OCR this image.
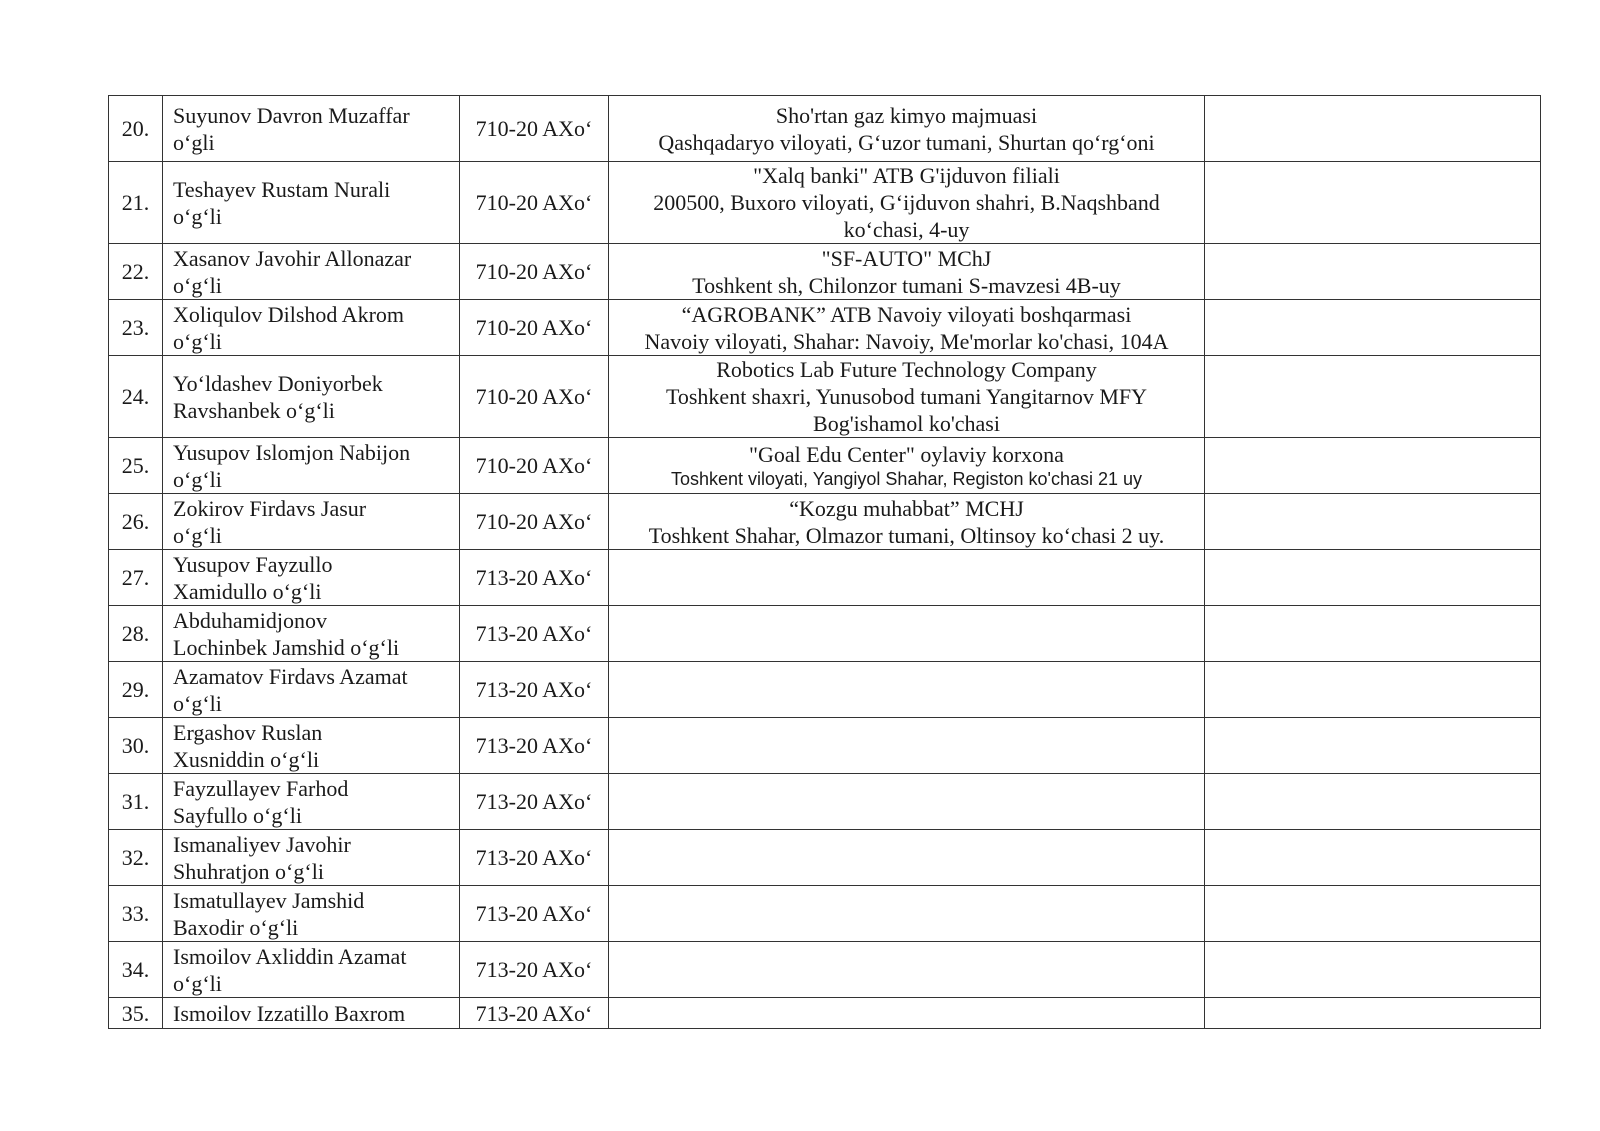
20.	Suyunov Davron Muzaffar
o‘gli	710-20 AXo‘	Sho'rtan gaz kimyo majmuasi
Qashqadaryo viloyati, G‘uzor tumani, Shurtan qo‘rg‘oni	

21.	Teshayev Rustam Nurali
o‘g‘li	710-20 AXo‘	"Xalq banki" ATB G'ijduvon filiali
200500, Buxoro viloyati, G‘ijduvon shahri, B.Naqshband
ko‘chasi, 4-uy	

22.	Xasanov Javohir Allonazar
o‘g‘li	710-20 AXo‘	"SF-AUTO" MChJ
Toshkent sh, Chilonzor tumani S-mavzesi 4B-uy	

23.	Xoliqulov Dilshod Akrom
o‘g‘li	710-20 AXo‘	“AGROBANK” ATB Navoiy viloyati boshqarmasi
Navoiy viloyati, Shahar: Navoiy, Me'morlar ko'chasi, 104A	

24.	Yo‘ldashev Doniyorbek
Ravshanbek o‘g‘li	710-20 AXo‘	Robotics Lab Future Technology Company
Toshkent shaxri, Yunusobod tumani Yangitarnov MFY
Bog'ishamol ko'chasi	

25.	Yusupov Islomjon Nabijon
o‘g‘li	710-20 AXo‘	"Goal Edu Center" oylaviy korxona
Toshkent viloyati, Yangiyol Shahar, Registon ko'chasi 21 uy	

26.	Zokirov Firdavs Jasur
o‘g‘li	710-20 AXo‘	“Kozgu muhabbat” MCHJ
Toshkent Shahar, Olmazor tumani, Oltinsoy ko‘chasi 2 uy.	

27.	Yusupov Fayzullo
Xamidullo o‘g‘li	713-20 AXo‘		
28.	Abduhamidjonov
Lochinbek Jamshid o‘g‘li	713-20 AXo‘		
29.	Azamatov Firdavs Azamat
o‘g‘li	713-20 AXo‘		
30.	Ergashov Ruslan
Xusniddin o‘g‘li	713-20 AXo‘		
31.	Fayzullayev Farhod
Sayfullo o‘g‘li	713-20 AXo‘		
32.	Ismanaliyev Javohir
Shuhratjon o‘g‘li	713-20 AXo‘		
33.	Ismatullayev Jamshid
Baxodir o‘g‘li	713-20 AXo‘		
34.	Ismoilov Axliddin Azamat
o‘g‘li	713-20 AXo‘		
35.	Ismoilov Izzatillo Baxrom	713-20 AXo‘		
